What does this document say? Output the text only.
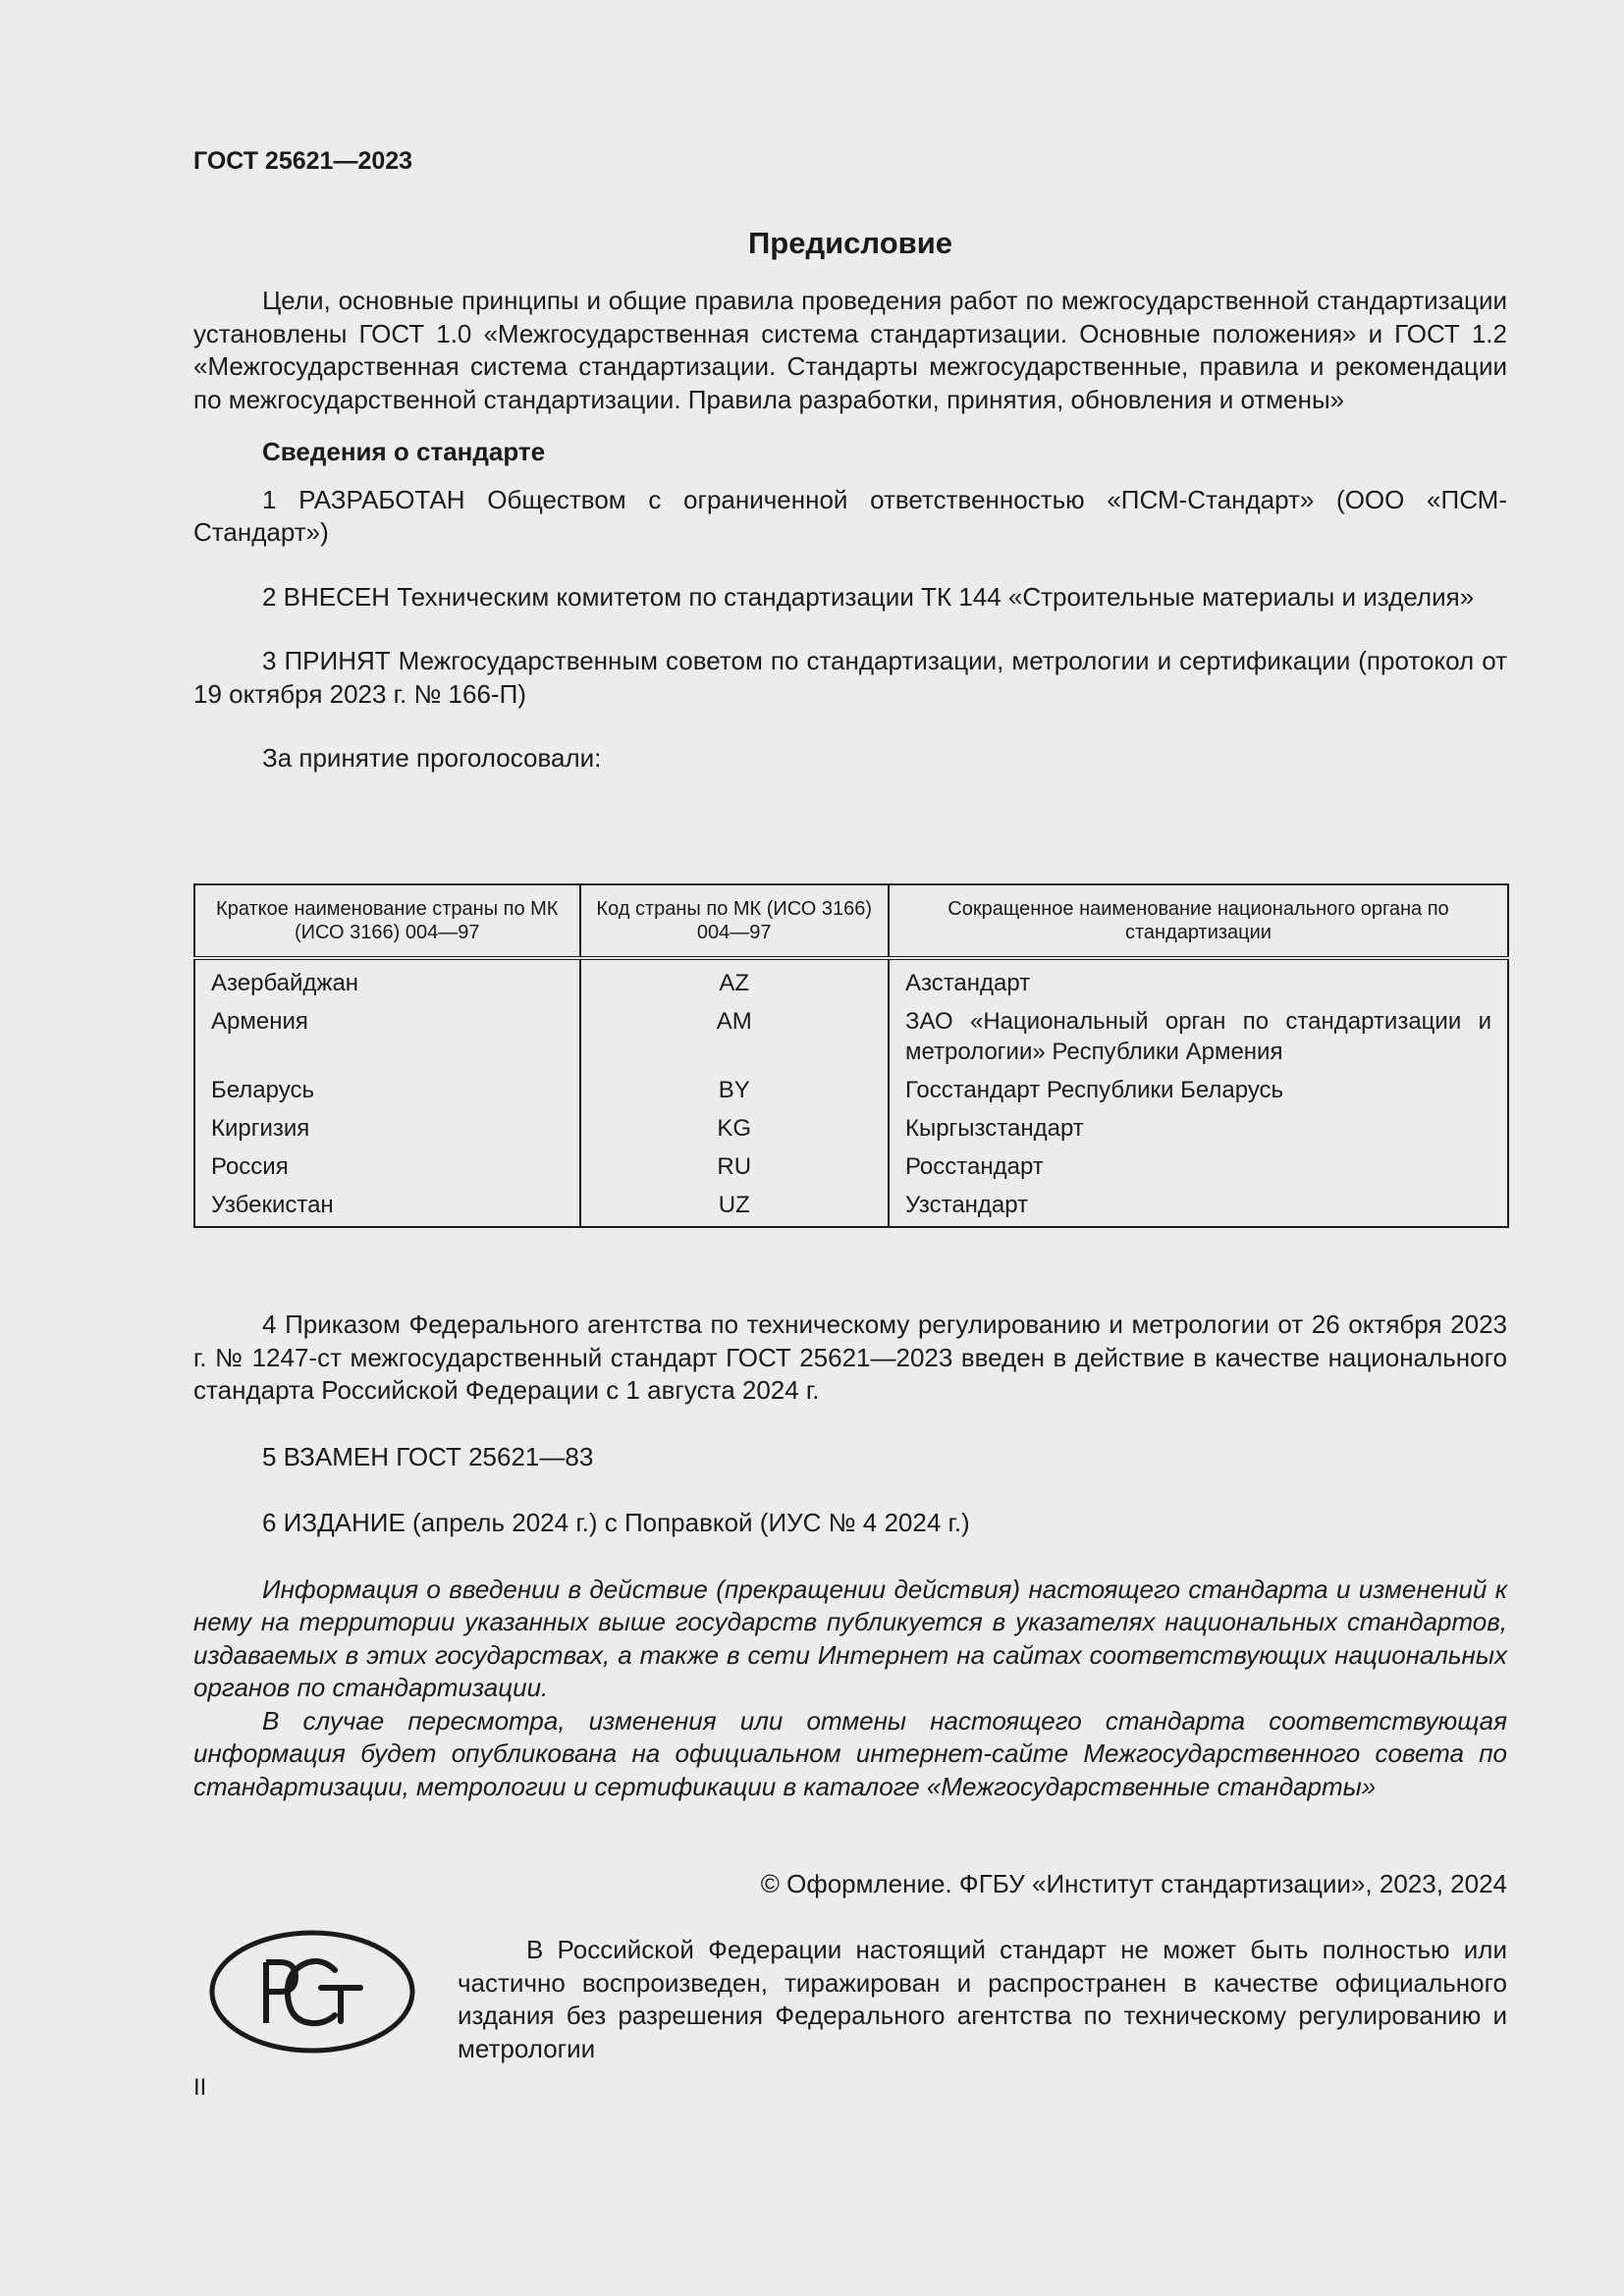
ГОСТ 25621—2023
Предисловие

Цели, основные принципы и общие правила проведения работ по межгосударственной стандартизации установлены ГОСТ 1.0 «Межгосударственная система стандартизации. Основные положения» и ГОСТ 1.2 «Межгосударственная система стандартизации. Стандарты межгосударственные, правила и рекомендации по межгосударственной стандартизации. Правила разработки, принятия, обновления и отмены»

Сведения о стандарте

1 РАЗРАБОТАН Обществом с ограниченной ответственностью «ПСМ-Стандарт» (ООО «ПСМ-Стандарт»)

2 ВНЕСЕН Техническим комитетом по стандартизации ТК 144 «Строительные материалы и изделия»

3 ПРИНЯТ Межгосударственным советом по стандартизации, метрологии и сертификации (протокол от 19 октября 2023 г. № 166-П)

За принятие проголосовали:

Краткое наименование страны по МК (ИСО 3166) 004—97	Код страны по МК (ИСО 3166) 004—97	Сокращенное наименование национального органа по стандартизации
Азербайджан	AZ	Азстандарт
Армения	AM	ЗАО «Национальный орган по стандартизации и метрологии» Республики Армения
Беларусь	BY	Госстандарт Республики Беларусь
Киргизия	KG	Кыргызстандарт
Россия	RU	Росстандарт
Узбекистан	UZ	Узстандарт

4 Приказом Федерального агентства по техническому регулированию и метрологии от 26 октября 2023 г. № 1247-ст межгосударственный стандарт ГОСТ 25621—2023 введен в действие в качестве национального стандарта Российской Федерации с 1 августа 2024 г.

5 ВЗАМЕН ГОСТ 25621—83

6 ИЗДАНИЕ (апрель 2024 г.) с Поправкой (ИУС № 4 2024 г.)

Информация о введении в действие (прекращении действия) настоящего стандарта и изменений к нему на территории указанных выше государств публикуется в указателях национальных стандартов, издаваемых в этих государствах, а также в сети Интернет на сайтах соответствующих национальных органов по стандартизации.

В случае пересмотра, изменения или отмены настоящего стандарта соответствующая информация будет опубликована на официальном интернет-сайте Межгосударственного совета по стандартизации, метрологии и сертификации в каталоге «Межгосударственные стандарты»

© Оформление. ФГБУ «Институт стандартизации», 2023, 2024

В Российской Федерации настоящий стандарт не может быть полностью или частично воспроизведен, тиражирован и распространен в качестве официального издания без разрешения Федерального агентства по техническому регулированию и метрологии

II
